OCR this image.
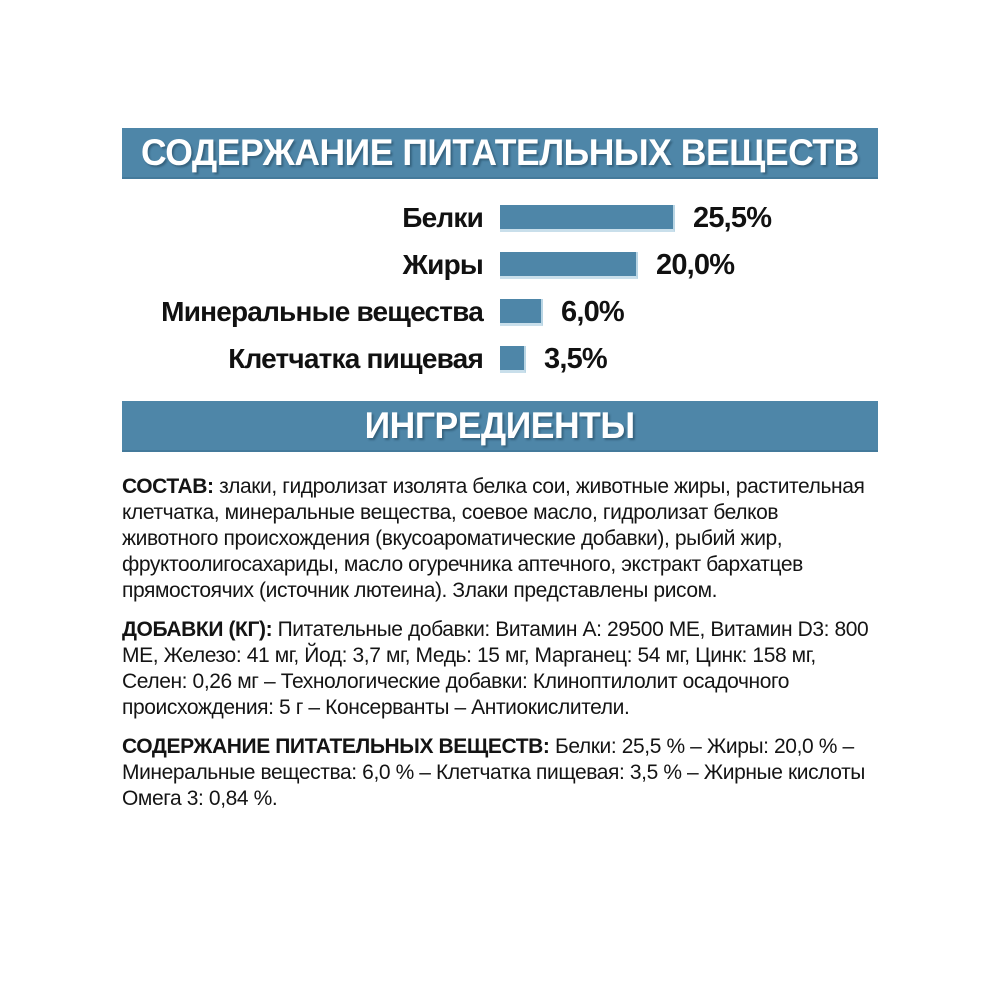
СОДЕРЖАНИЕ ПИТАТЕЛЬНЫХ ВЕЩЕСТВ
Белки	25,5%
Жиры	20,0%
Минеральные вещества	6,0%
Клетчатка пищевая 3,5%
ИНГРЕДИЕНТЫ

СОСТАВ: злаки, гидролизат изолята белка сои, животные жиры, растительная клетчатка, минеральные вещества, соевое масло, гидролизат белков животного происхождения (вкусоароматические добавки), рыбий жир, фруктоолигосахариды, масло огуречника аптечного, экстракт бархатцев прямостоячих (источник лютеина). Злаки представлены рисом.

ДОБАВКИ (КГ): Питательные добавки: Витамин A: 29500 МЕ, Витамин D3: 800 МЕ, Железо: 41 мг, Йод: 3,7 мг, Медь: 15 мг, Марганец: 54 мг, Цинк: 158 мг, Селен: 0,26 мг – Технологические добавки: Клиноптилолит осадочного происхождения: 5 г – Консерванты – Антиокислители.

СОДЕРЖАНИЕ ПИТАТЕЛЬНЫХ ВЕЩЕСТВ: Белки: 25,5 % – Жиры: 20,0 % – Минеральные вещества: 6,0 % – Клетчатка пищевая: 3,5 % – Жирные кислоты Омега 3: 0,84 %.
